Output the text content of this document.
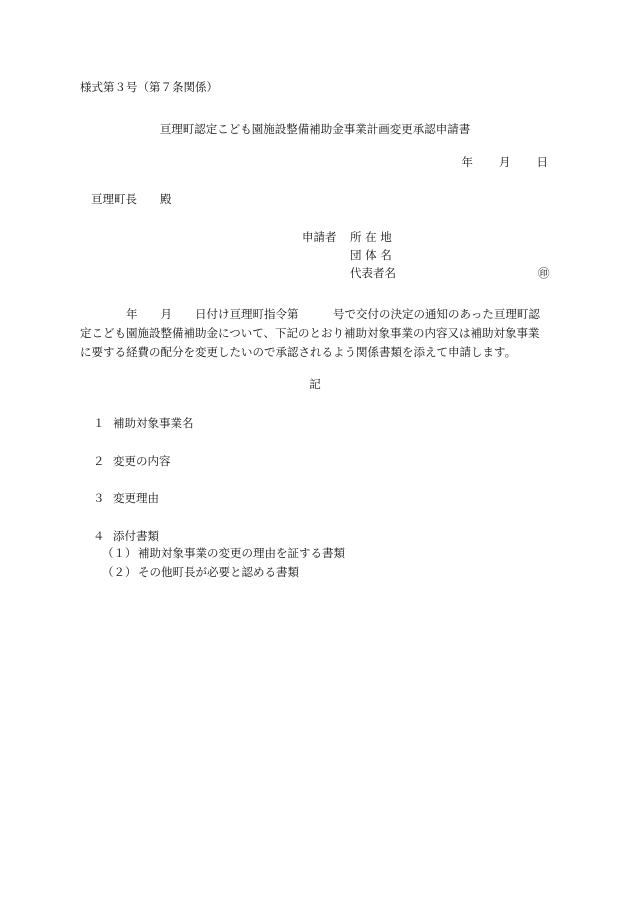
様式第３号（第７条関係）
亘理町認定こども園施設整備補助金事業計画変更承認申請書
年 月 日
亘理町長　　殿
申請者 所 在 地
団 体 名
代表者名	㊞

年　　月　　日付け亘理町指令第　　　号で交付の決定の通知のあった亘理町認

定こども園施設整備補助金について、下記のとおり補助対象事業の内容又は補助対象事業

に要する経費の配分を変更したいので承認されるよう関係書類を添えて申請します。

記
１ 補助対象事業名
２ 変更の内容
３ 変更理由
４ 添付書類
（１） 補助対象事業の変更の理由を証する書類
（２） その他町長が必要と認める書類
